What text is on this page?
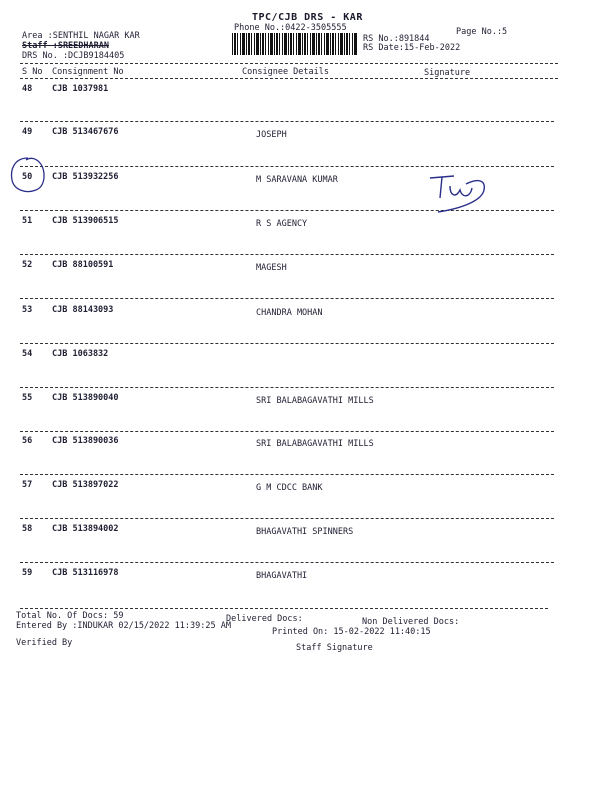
TPC/CJB DRS - KAR
Phone No.:0422-3505555	Page No.:5
Area :SENTHIL NAGAR KAR
Staff :SREEDHARAN
DRS No. :DCJB9184405
RS No.:891844
RS Date:15-Feb-2022
S No Consignment No	Consignee Details	Signature
48 CJB 1037981
49 CJB 513467676	JOSEPH
50 CJB 513932256	M SARAVANA KUMAR
51 CJB 513906515	R S AGENCY
52 CJB 88100591	MAGESH
53 CJB 88143093	CHANDRA MOHAN
54 CJB 1063832
55 CJB 513890040	SRI BALABAGAVATHI MILLS
56 CJB 513890036	SRI BALABAGAVATHI MILLS
57 CJB 513897022	G M CDCC BANK
58 CJB 513894002	BHAGAVATHI SPINNERS
59 CJB 513116978	BHAGAVATHI
Total No. Of Docs: 59	Delivered Docs:	Non Delivered Docs:
Entered By :INDUKAR 02/15/2022 11:39:25 AM
Printed On: 15-02-2022 11:40:15
Verified By	Staff Signature
